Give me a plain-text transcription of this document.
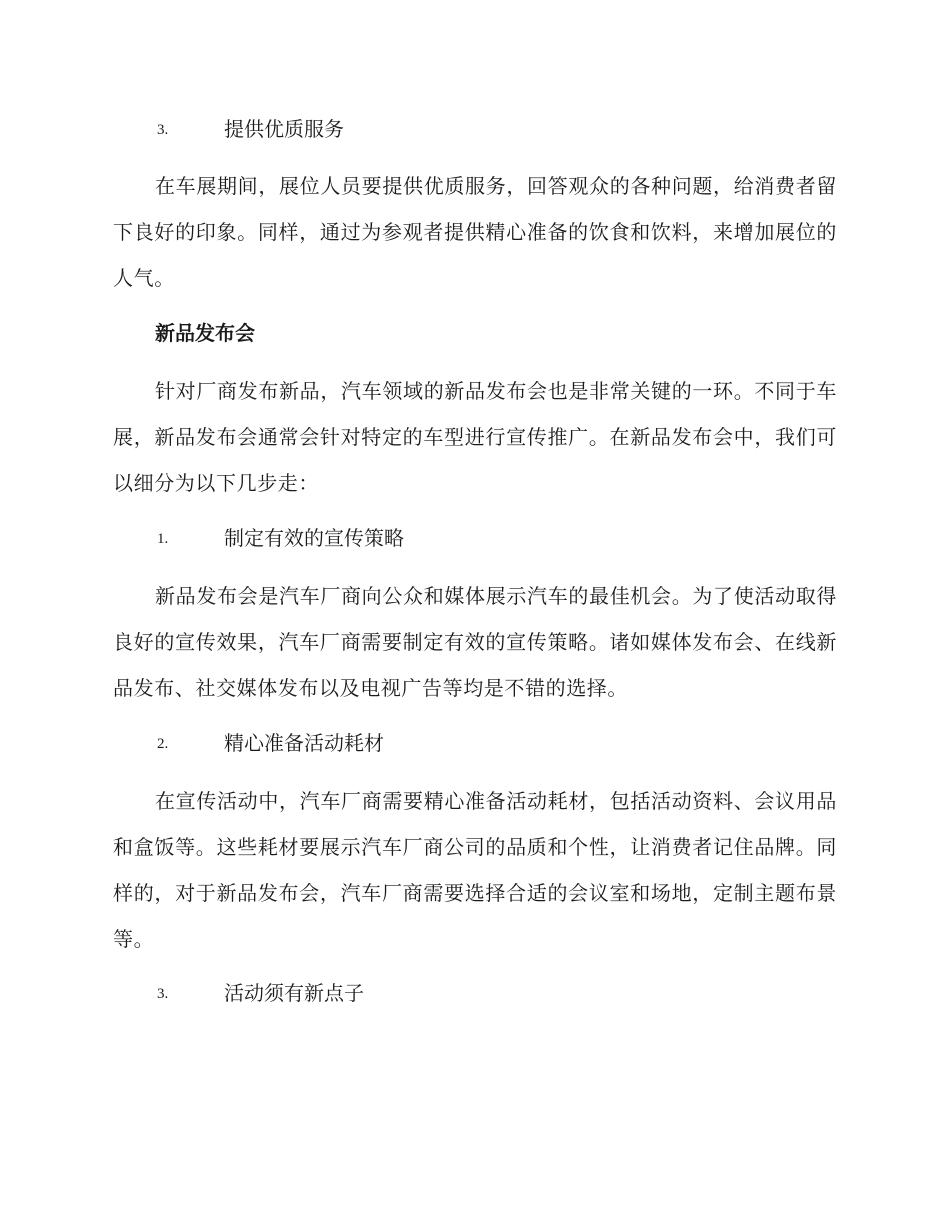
3.	提供优质服务

在车展期间，展位人员要提供优质服务，回答观众的各种问题，给消费者留下良好的印象。同样，通过为参观者提供精心准备的饮食和饮料，来增加展位的人气。

新品发布会

针对厂商发布新品，汽车领域的新品发布会也是非常关键的一环。不同于车展，新品发布会通常会针对特定的车型进行宣传推广。在新品发布会中，我们可以细分为以下几步走：

1.	制定有效的宣传策略

新品发布会是汽车厂商向公众和媒体展示汽车的最佳机会。为了使活动取得良好的宣传效果，汽车厂商需要制定有效的宣传策略。诸如媒体发布会、在线新品发布、社交媒体发布以及电视广告等均是不错的选择。

2.	精心准备活动耗材

在宣传活动中，汽车厂商需要精心准备活动耗材，包括活动资料、会议用品和盒饭等。这些耗材要展示汽车厂商公司的品质和个性，让消费者记住品牌。同样的，对于新品发布会，汽车厂商需要选择合适的会议室和场地，定制主题布景等。

3.	活动须有新点子
